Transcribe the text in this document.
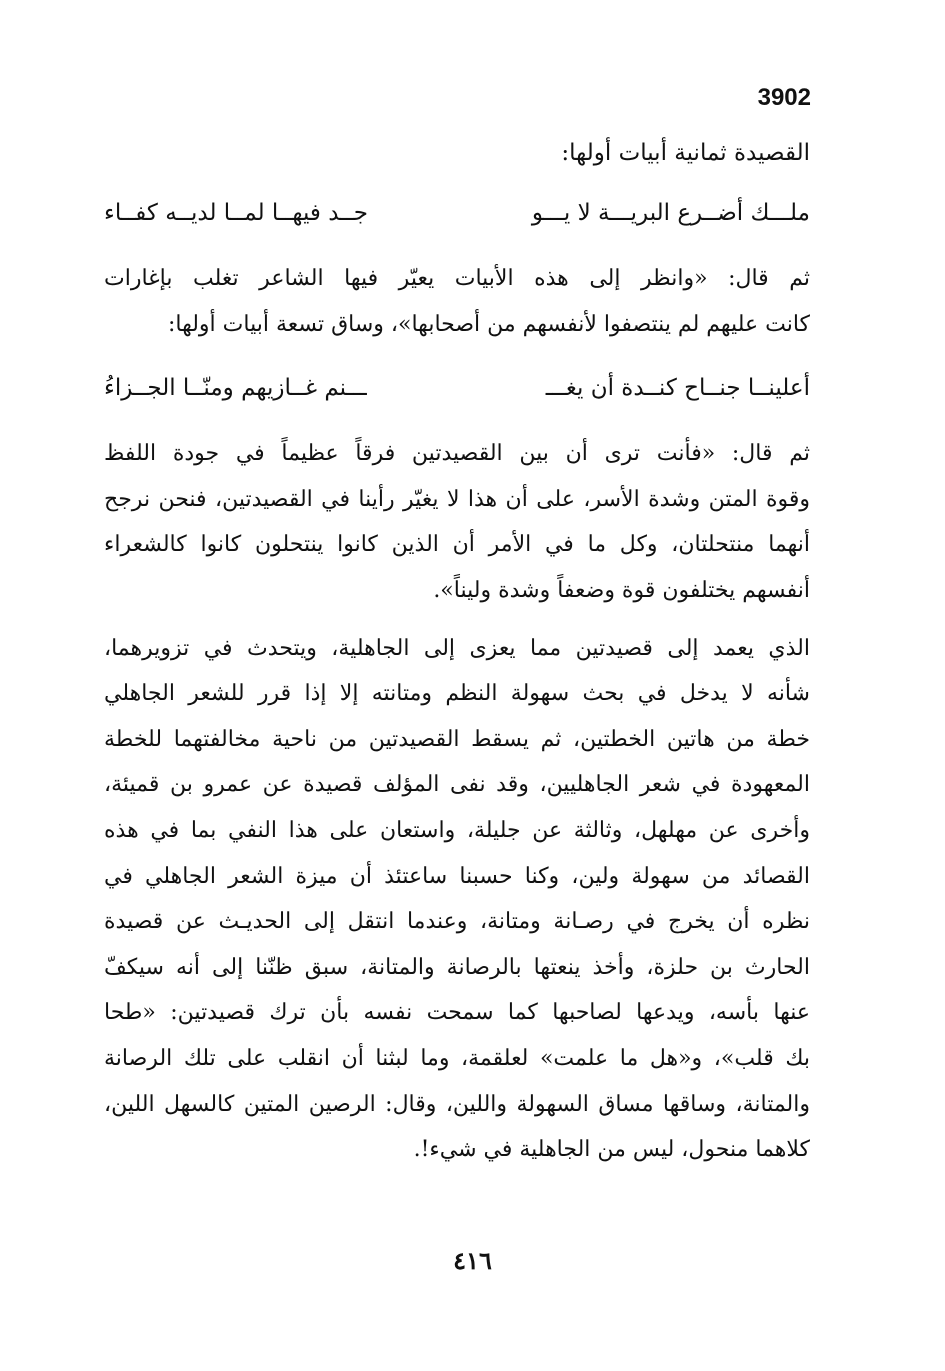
3902

القصيدة ثمانية أبيات أولها:

ملـــك أضــرع البريـــة لا يـــو
جــد فيهــا لمــا لديــه كفــاء

ثم قال: «وانظر إلى هذه الأبيات يعيّر فيها الشاعر تغلب بإغارات
كانت عليهم لم ينتصفوا لأنفسهم من أصحابها»، وساق تسعة أبيات أولها:

أعلينــا جنــاح كنــدة أن يغـــ
ـــنم غــازيهم ومنّــا الجــزاءُ

ثم قال: «فأنت ترى أن بين القصيدتين فرقاً عظيماً في جودة اللفظ
وقوة المتن وشدة الأسر، على أن هذا لا يغيّر رأينا في القصيدتين، فنحن نرجح
أنهما منتحلتان، وكل ما في الأمر أن الذين كانوا ينتحلون كانوا كالشعراء
أنفسهم يختلفون قوة وضعفاً وشدة وليناً».

الذي يعمد إلى قصيدتين مما يعزى إلى الجاهلية، ويتحدث في تزويرهما،
شأنه لا يدخل في بحث سهولة النظم ومتانته إلا إذا قرر للشعر الجاهلي
خطة من هاتين الخطتين، ثم يسقط القصيدتين من ناحية مخالفتهما للخطة
المعهودة في شعر الجاهليين، وقد نفى المؤلف قصيدة عن عمرو بن قميئة،
وأخرى عن مهلهل، وثالثة عن جليلة، واستعان على هذا النفي بما في هذه
القصائد من سهولة ولين، وكنا حسبنا ساعتئذ أن ميزة الشعر الجاهلي في
نظره أن يخرج في رصـانة ومتانة، وعندما انتقل إلى الحديـث عن قصيدة
الحارث بن حلزة، وأخذ ينعتها بالرصانة والمتانة، سبق ظنّنا إلى أنه سيكفّ
عنها بأسه، ويدعها لصاحبها كما سمحت نفسه بأن ترك قصيدتين: «طحا
بك قلب»، و«هل ما علمت» لعلقمة، وما لبثنا أن انقلب على تلك الرصانة
والمتانة، وساقها مساق السهولة واللين، وقال: الرصين المتين كالسهل اللين،
كلاهما منحول، ليس من الجاهلية في شيء!.

٤١٦
